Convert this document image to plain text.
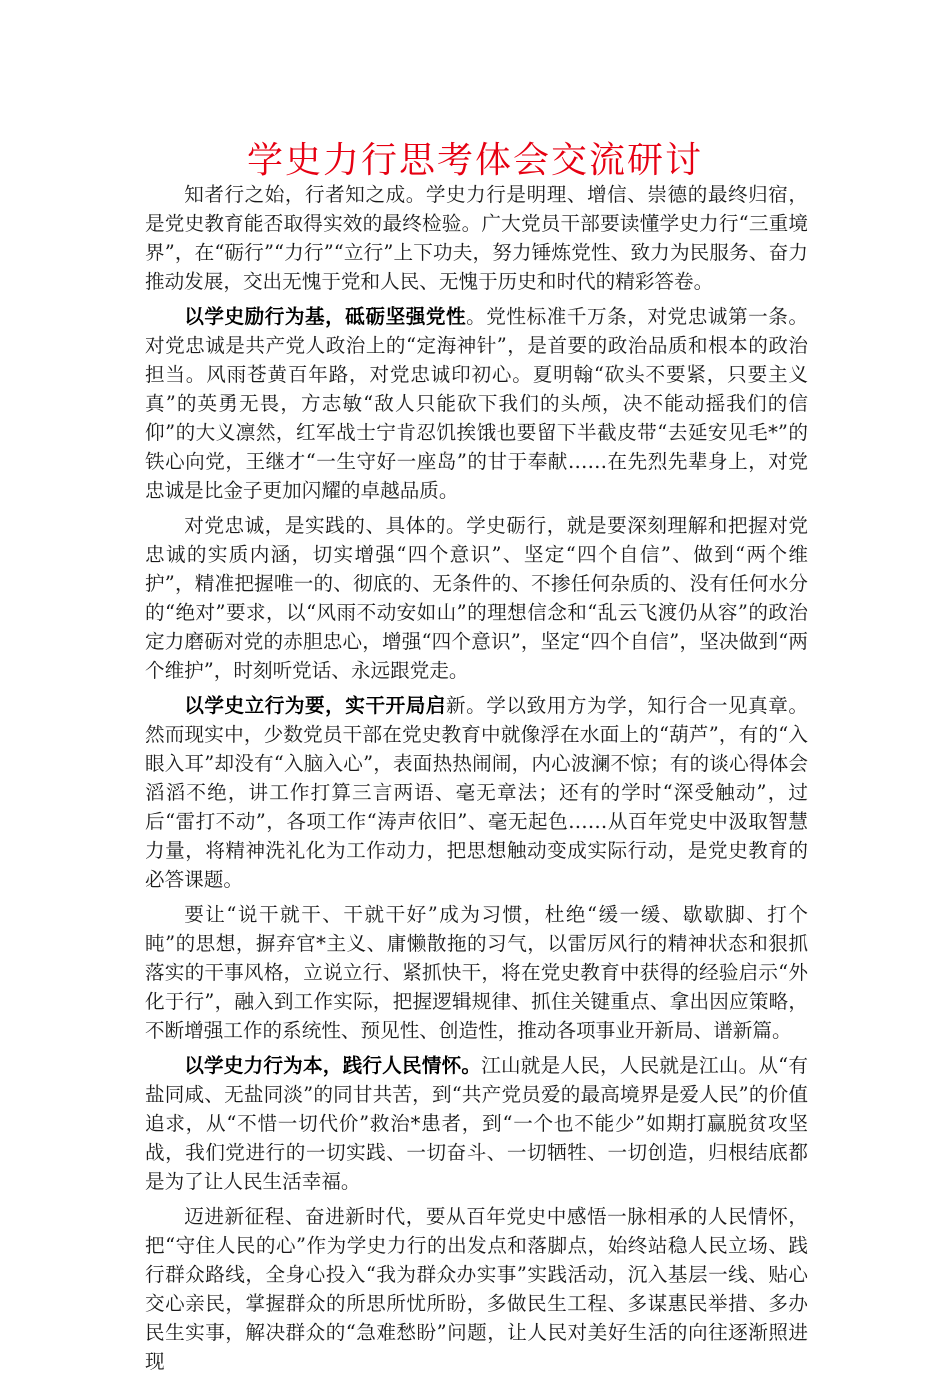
学史力行思考体会交流研讨

知者行之始，行者知之成。学史力行是明理、增信、崇德的最终归宿，是党史教育能否取得实效的最终检验。广大党员干部要读懂学史力行“三重境界”，在“砺行”“力行”“立行”上下功夫，努力锤炼党性、致力为民服务、奋力推动发展，交出无愧于党和人民、无愧于历史和时代的精彩答卷。

以学史励行为基，砥砺坚强党性。党性标准千万条，对党忠诚第一条。对党忠诚是共产党人政治上的“定海神针”，是首要的政治品质和根本的政治担当。风雨苍黄百年路，对党忠诚印初心。夏明翰“砍头不要紧，只要主义真”的英勇无畏，方志敏“敌人只能砍下我们的头颅，决不能动摇我们的信仰”的大义凛然，红军战士宁肯忍饥挨饿也要留下半截皮带“去延安见毛*”的铁心向党，王继才“一生守好一座岛”的甘于奉献……在先烈先辈身上，对党忠诚是比金子更加闪耀的卓越品质。

对党忠诚，是实践的、具体的。学史砺行，就是要深刻理解和把握对党忠诚的实质内涵，切实增强“四个意识”、坚定“四个自信”、做到“两个维护”，精准把握唯一的、彻底的、无条件的、不掺任何杂质的、没有任何水分的“绝对”要求，以“风雨不动安如山”的理想信念和“乱云飞渡仍从容”的政治定力磨砺对党的赤胆忠心，增强“四个意识”，坚定“四个自信”，坚决做到“两个维护”，时刻听党话、永远跟党走。

以学史立行为要，实干开局启新。学以致用方为学，知行合一见真章。然而现实中，少数党员干部在党史教育中就像浮在水面上的“葫芦”，有的“入眼入耳”却没有“入脑入心”，表面热热闹闹，内心波澜不惊；有的谈心得体会滔滔不绝，讲工作打算三言两语、毫无章法；还有的学时“深受触动”，过后“雷打不动”，各项工作“涛声依旧”、毫无起色……从百年党史中汲取智慧力量，将精神洗礼化为工作动力，把思想触动变成实际行动，是党史教育的必答课题。

要让“说干就干、干就干好”成为习惯，杜绝“缓一缓、歇歇脚、打个盹”的思想，摒弃官*主义、庸懒散拖的习气，以雷厉风行的精神状态和狠抓落实的干事风格，立说立行、紧抓快干，将在党史教育中获得的经验启示“外化于行”，融入到工作实际，把握逻辑规律、抓住关键重点、拿出因应策略，不断增强工作的系统性、预见性、创造性，推动各项事业开新局、谱新篇。

以学史力行为本，践行人民情怀。江山就是人民，人民就是江山。从“有盐同咸、无盐同淡”的同甘共苦，到“共产党员爱的最高境界是爱人民”的价值追求，从“不惜一切代价”救治*患者，到“一个也不能少”如期打赢脱贫攻坚战，我们党进行的一切实践、一切奋斗、一切牺牲、一切创造，归根结底都是为了让人民生活幸福。

迈进新征程、奋进新时代，要从百年党史中感悟一脉相承的人民情怀，把“守住人民的心”作为学史力行的出发点和落脚点，始终站稳人民立场、践行群众路线，全身心投入“我为群众办实事”实践活动，沉入基层一线、贴心交心亲民，掌握群众的所思所忧所盼，多做民生工程、多谋惠民举措、多办民生实事，解决群众的“急难愁盼”问题，让人民对美好生活的向往逐渐照进现
